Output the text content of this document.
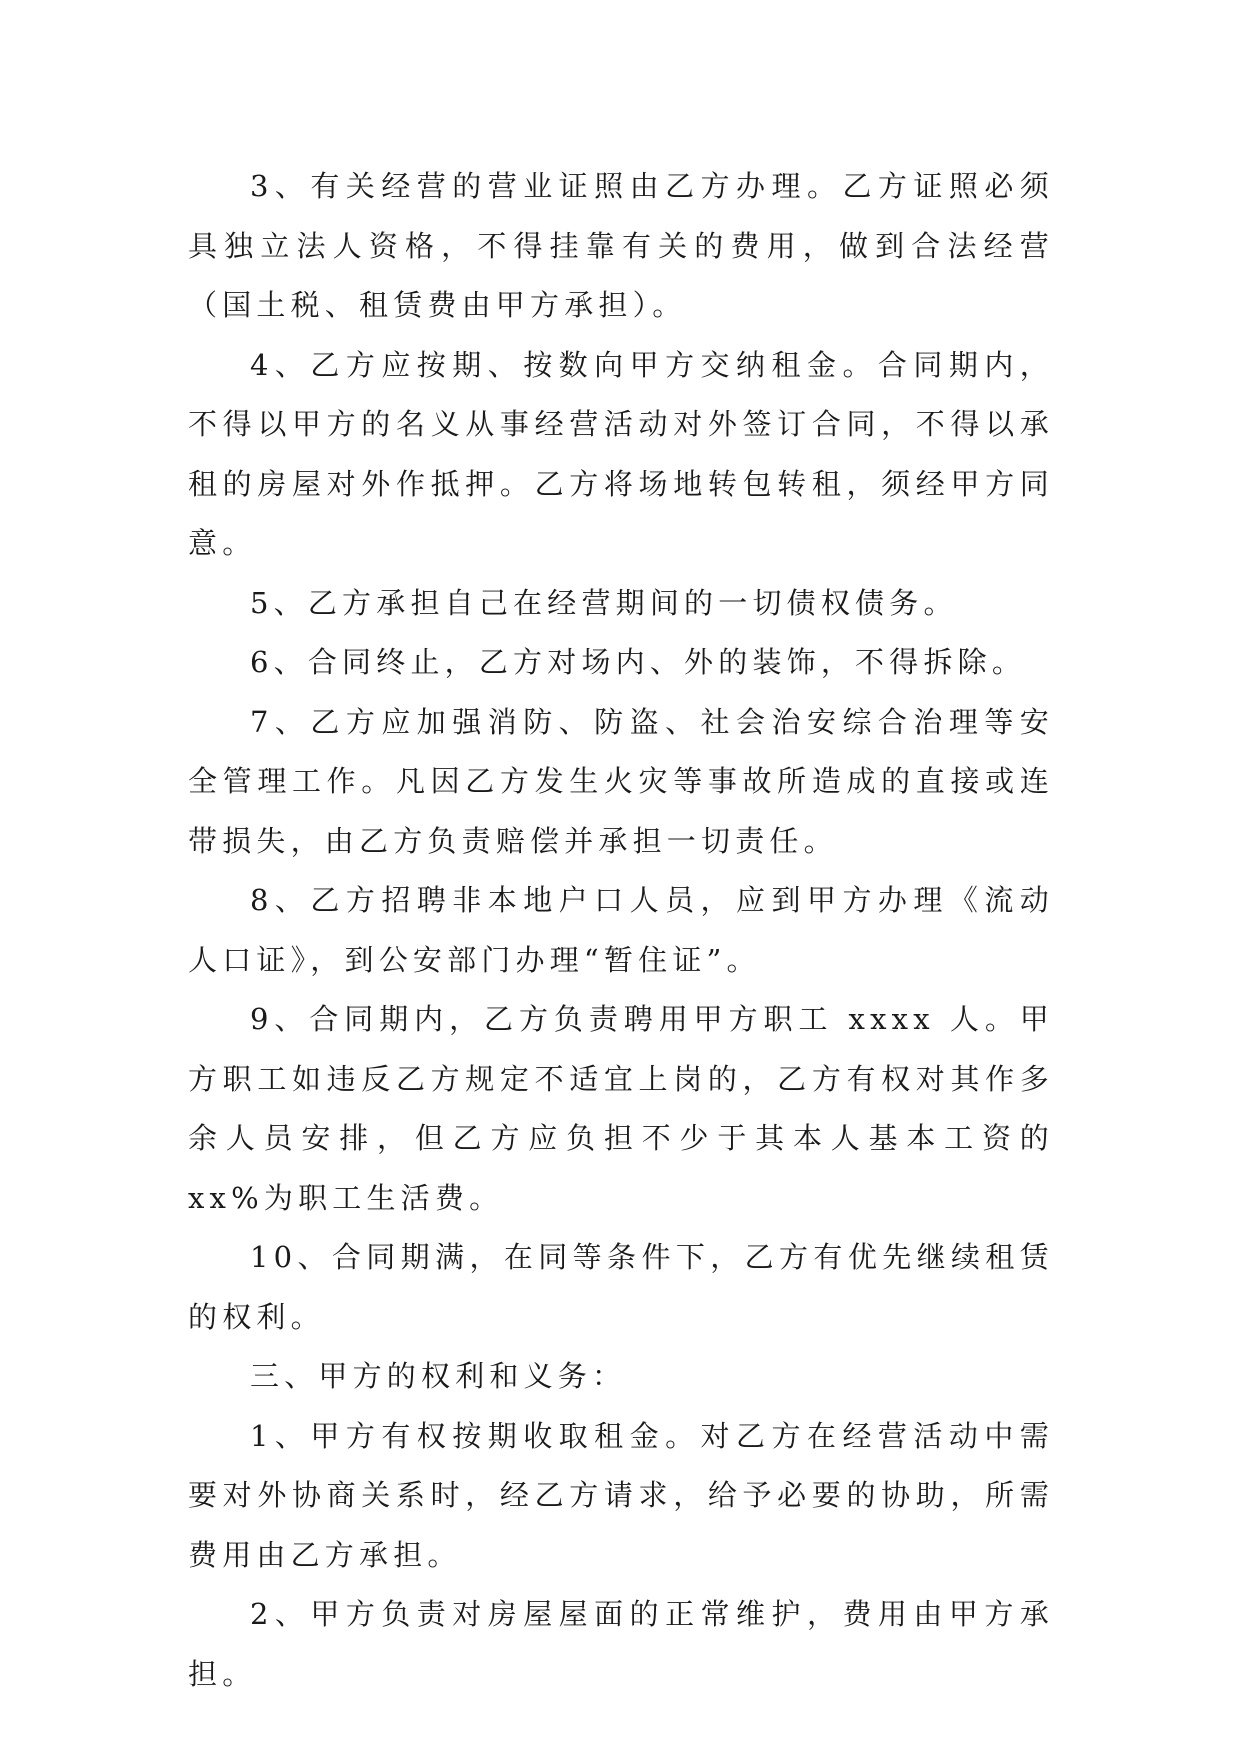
3、有关经营的营业证照由乙方办理。乙方证照必须具独立法人资格，不得挂靠有关的费用，做到合法经营（国土税、租赁费由甲方承担）。

4、乙方应按期、按数向甲方交纳租金。合同期内，不得以甲方的名义从事经营活动对外签订合同，不得以承租的房屋对外作抵押。乙方将场地转包转租，须经甲方同意。

5、乙方承担自己在经营期间的一切债权债务。

6、合同终止，乙方对场内、外的装饰，不得拆除。

7、乙方应加强消防、防盗、社会治安综合治理等安全管理工作。凡因乙方发生火灾等事故所造成的直接或连带损失，由乙方负责赔偿并承担一切责任。

8、乙方招聘非本地户口人员，应到甲方办理《流动人口证》，到公安部门办理“暂住证”。

9、合同期内，乙方负责聘用甲方职工 xxxx 人。甲方职工如违反乙方规定不适宜上岗的，乙方有权对其作多余人员安排，但乙方应负担不少于其本人基本工资的 xx%为职工生活费。

10、合同期满，在同等条件下，乙方有优先继续租赁的权利。

三、甲方的权利和义务：

1、甲方有权按期收取租金。对乙方在经营活动中需要对外协商关系时，经乙方请求，给予必要的协助，所需费用由乙方承担。

2、甲方负责对房屋屋面的正常维护，费用由甲方承担。
